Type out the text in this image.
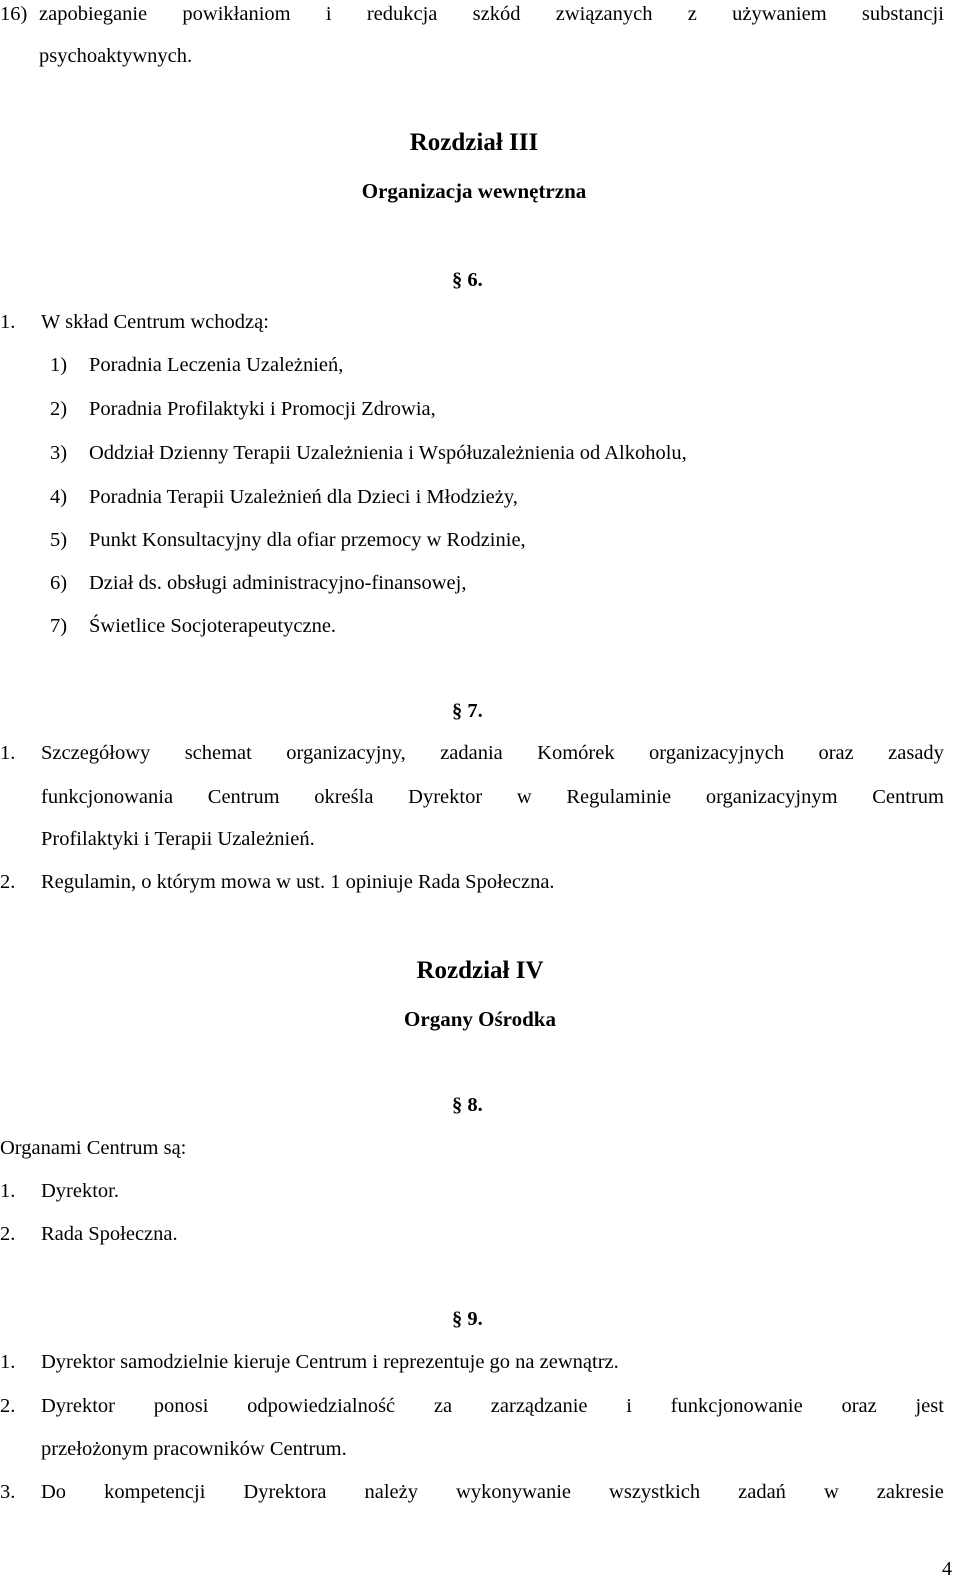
16) zapobieganie powikłaniom i redukcja szkód związanych z używaniem substancji
psychoaktywnych.
Rozdział III
Organizacja wewnętrzna
§ 6.
1. W skład Centrum wchodzą:
1) Poradnia Leczenia Uzależnień,
2) Poradnia Profilaktyki i Promocji Zdrowia,
3) Oddział Dzienny Terapii Uzależnienia i Współuzależnienia od Alkoholu,
4) Poradnia Terapii Uzależnień dla Dzieci i Młodzieży,
5) Punkt Konsultacyjny dla ofiar przemocy w Rodzinie,
6) Dział ds. obsługi administracyjno-finansowej,
7) Świetlice Socjoterapeutyczne.
§ 7.
1. Szczegółowy schemat organizacyjny, zadania Komórek organizacyjnych oraz zasady
funkcjonowania Centrum określa Dyrektor w Regulaminie organizacyjnym Centrum
Profilaktyki i Terapii Uzależnień.
2. Regulamin, o którym mowa w ust. 1 opiniuje Rada Społeczna.
Rozdział IV
Organy Ośrodka
§ 8.
Organami Centrum są:
1. Dyrektor.
2. Rada Społeczna.
§ 9.
1. Dyrektor samodzielnie kieruje Centrum i reprezentuje go na zewnątrz.
2. Dyrektor ponosi odpowiedzialność za zarządzanie i funkcjonowanie oraz jest
przełożonym pracowników Centrum.
3. Do kompetencji Dyrektora należy wykonywanie wszystkich zadań w zakresie
4
